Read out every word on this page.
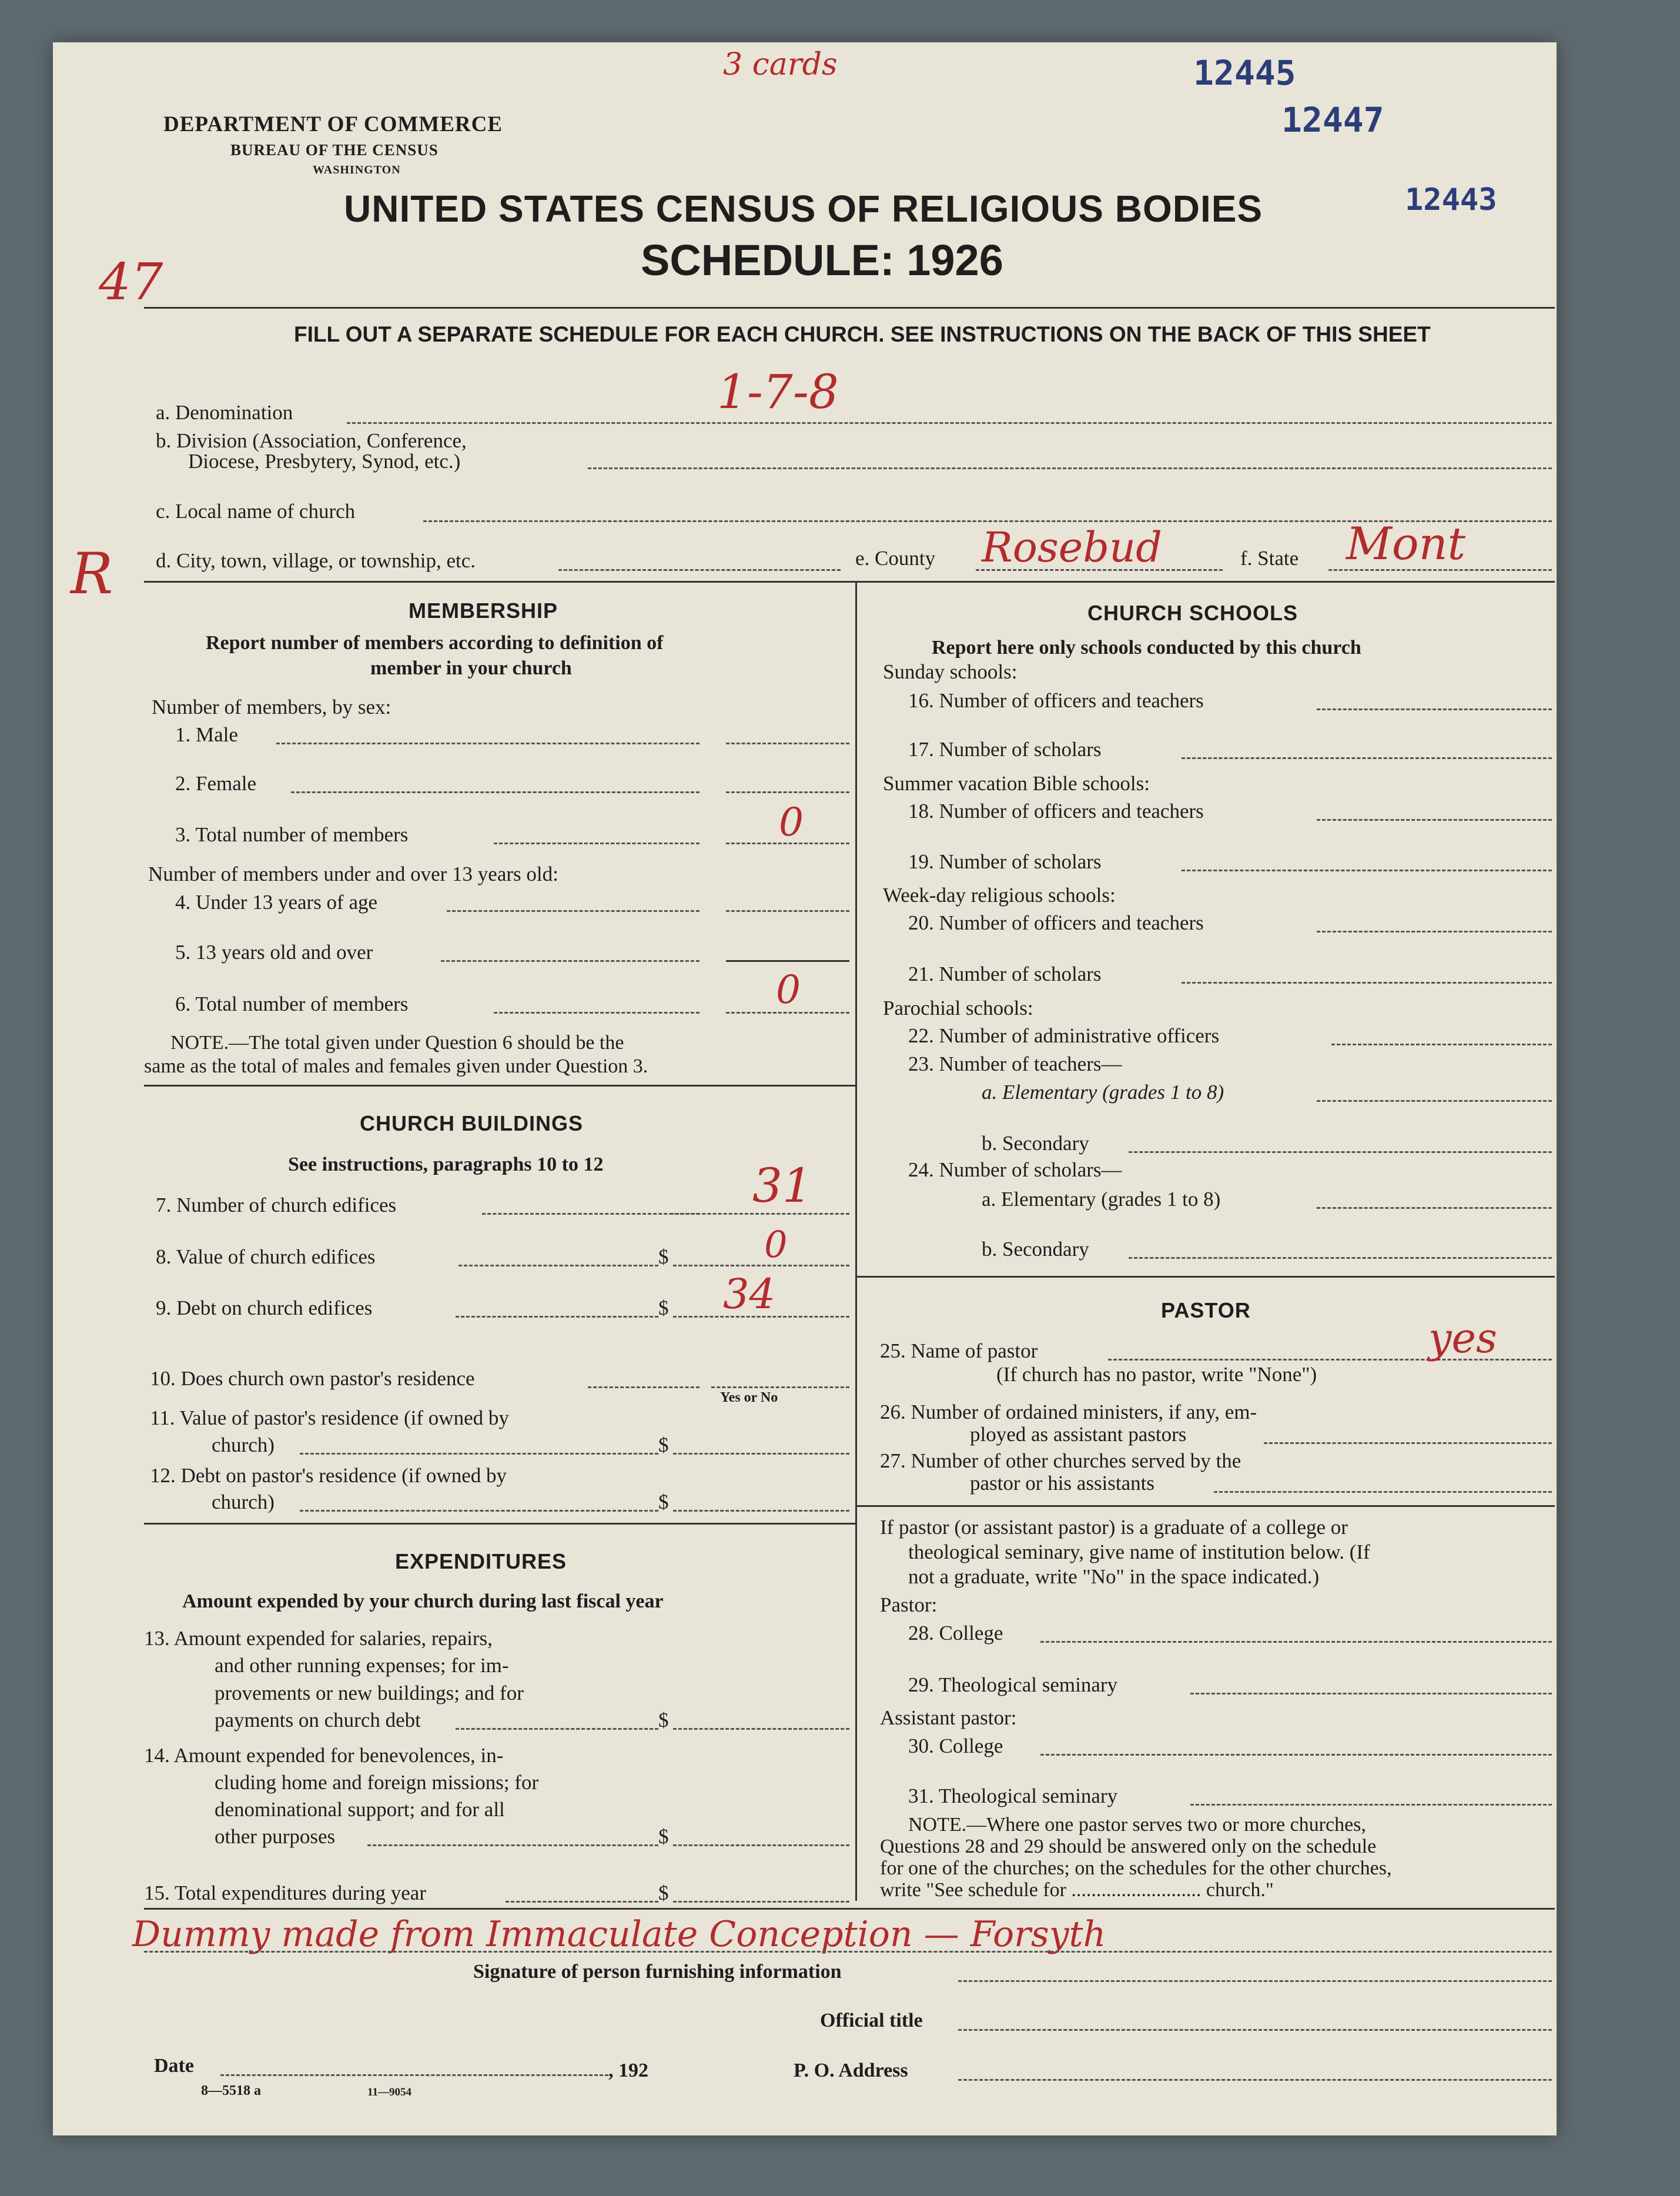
DEPARTMENT OF COMMERCE
BUREAU OF THE CENSUS
WASHINGTON
UNITED STATES CENSUS OF RELIGIOUS BODIES
SCHEDULE: 1926
FILL OUT A SEPARATE SCHEDULE FOR EACH CHURCH. SEE INSTRUCTIONS ON THE BACK OF THIS SHEET
3 cards
47
R
12445
12447
12443
a. Denomination	1-7-8
b. Division (Association, Conference,
Diocese, Presbytery, Synod, etc.)
c. Local name of church
d. City, town, village, or township, etc.	e. County Rosebud	f. State Mont
MEMBERSHIP
Report number of members according to definition of
member in your church
Number of members, by sex:
1. Male
2. Female
3. Total number of members	0
Number of members under and over 13 years old:
4. Under 13 years of age
5. 13 years old and over
6. Total number of members	0
NOTE.—The total given under Question 6 should be the
same as the total of males and females given under Question 3.
CHURCH BUILDINGS
See instructions, paragraphs 10 to 12
7. Number of church edifices	31
8. Value of church edifices	$	0
9. Debt on church edifices	$ 34
10. Does church own pastor's residence
Yes or No
11. Value of pastor's residence (if owned by
church)	$
12. Debt on pastor's residence (if owned by
church)	$
EXPENDITURES
Amount expended by your church during last fiscal year
13. Amount expended for salaries, repairs,
and other running expenses; for im-
provements or new buildings; and for
payments on church debt	$
14. Amount expended for benevolences, in-
cluding home and foreign missions; for
denominational support; and for all
other purposes	$
15. Total expenditures during year	$
CHURCH SCHOOLS
Report here only schools conducted by this church
Sunday schools:
16. Number of officers and teachers
17. Number of scholars
Summer vacation Bible schools:
18. Number of officers and teachers
19. Number of scholars
Week-day religious schools:
20. Number of officers and teachers
21. Number of scholars
Parochial schools:
22. Number of administrative officers
23. Number of teachers—
a. Elementary (grades 1 to 8)
b. Secondary
24. Number of scholars—
a. Elementary (grades 1 to 8)
b. Secondary
PASTOR
25. Name of pastor	yes
(If church has no pastor, write "None")
26. Number of ordained ministers, if any, em-
ployed as assistant pastors
27. Number of other churches served by the
pastor or his assistants
If pastor (or assistant pastor) is a graduate of a college or
theological seminary, give name of institution below. (If
not a graduate, write "No" in the space indicated.)
Pastor:
28. College
29. Theological seminary
Assistant pastor:
30. College
31. Theological seminary
NOTE.—Where one pastor serves two or more churches,
Questions 28 and 29 should be answered only on the schedule
for one of the churches; on the schedules for the other churches,
write "See schedule for .......................... church."
Dummy made from Immaculate Conception — Forsyth
Signature of person furnishing information
Official title
Date	, 192	P. O. Address
8—5518 a	11—9054
